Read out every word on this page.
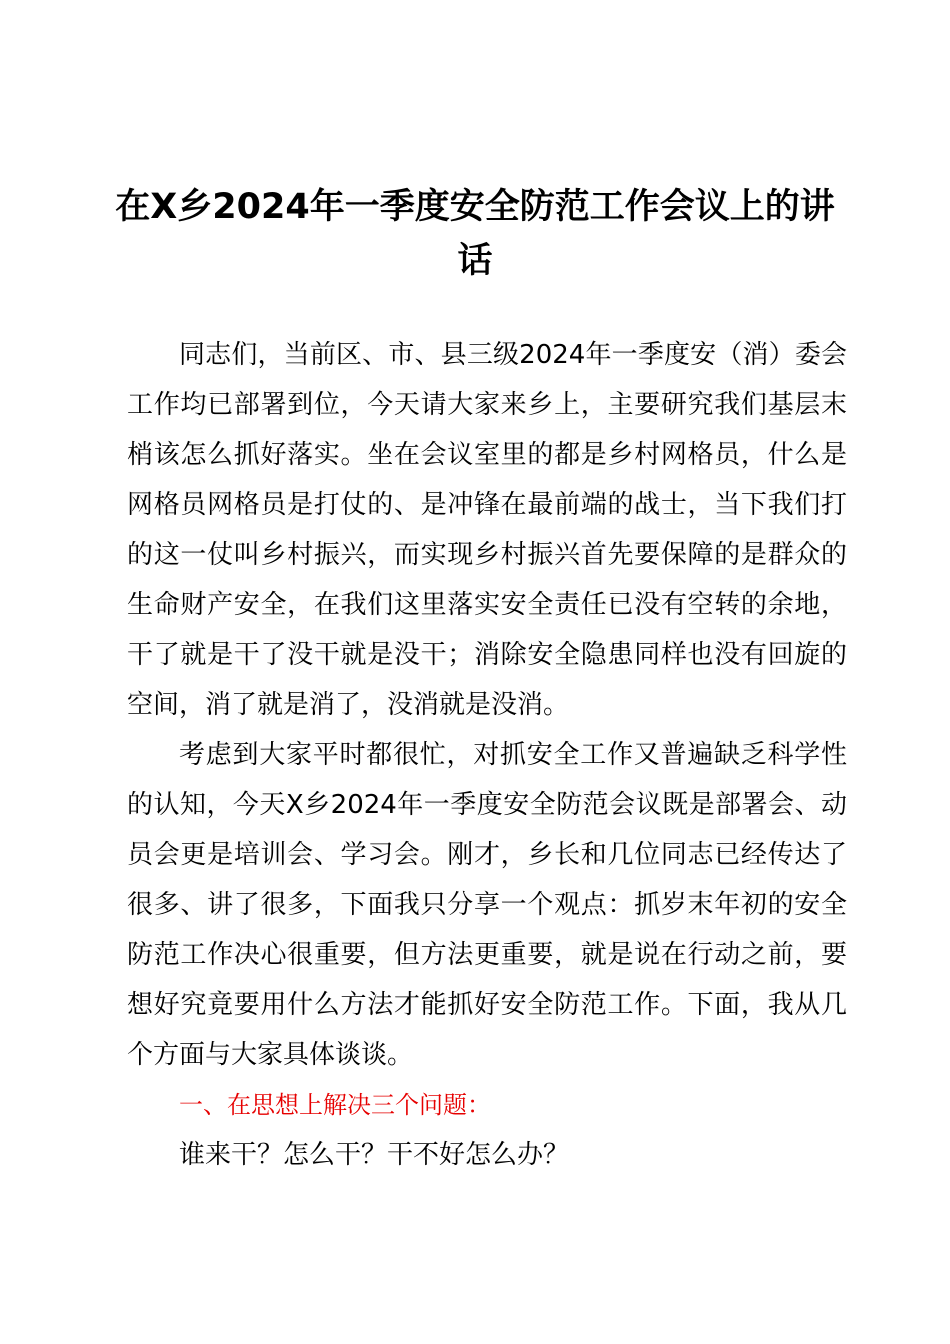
在X乡2024年一季度安全防范工作会议上的讲话

同志们，当前区、市、县三级2024年一季度安（消）委会工作均已部署到位，今天请大家来乡上，主要研究我们基层末梢该怎么抓好落实。坐在会议室里的都是乡村网格员，什么是网格员网格员是打仗的、是冲锋在最前端的战士，当下我们打的这一仗叫乡村振兴，而实现乡村振兴首先要保障的是群众的生命财产安全，在我们这里落实安全责任已没有空转的余地，干了就是干了没干就是没干；消除安全隐患同样也没有回旋的空间，消了就是消了，没消就是没消。

考虑到大家平时都很忙，对抓安全工作又普遍缺乏科学性的认知，今天X乡2024年一季度安全防范会议既是部署会、动员会更是培训会、学习会。刚才，乡长和几位同志已经传达了很多、讲了很多，下面我只分享一个观点：抓岁末年初的安全防范工作决心很重要，但方法更重要，就是说在行动之前，要想好究竟要用什么方法才能抓好安全防范工作。下面，我从几个方面与大家具体谈谈。

一、在思想上解决三个问题：

谁来干？怎么干？干不好怎么办？
